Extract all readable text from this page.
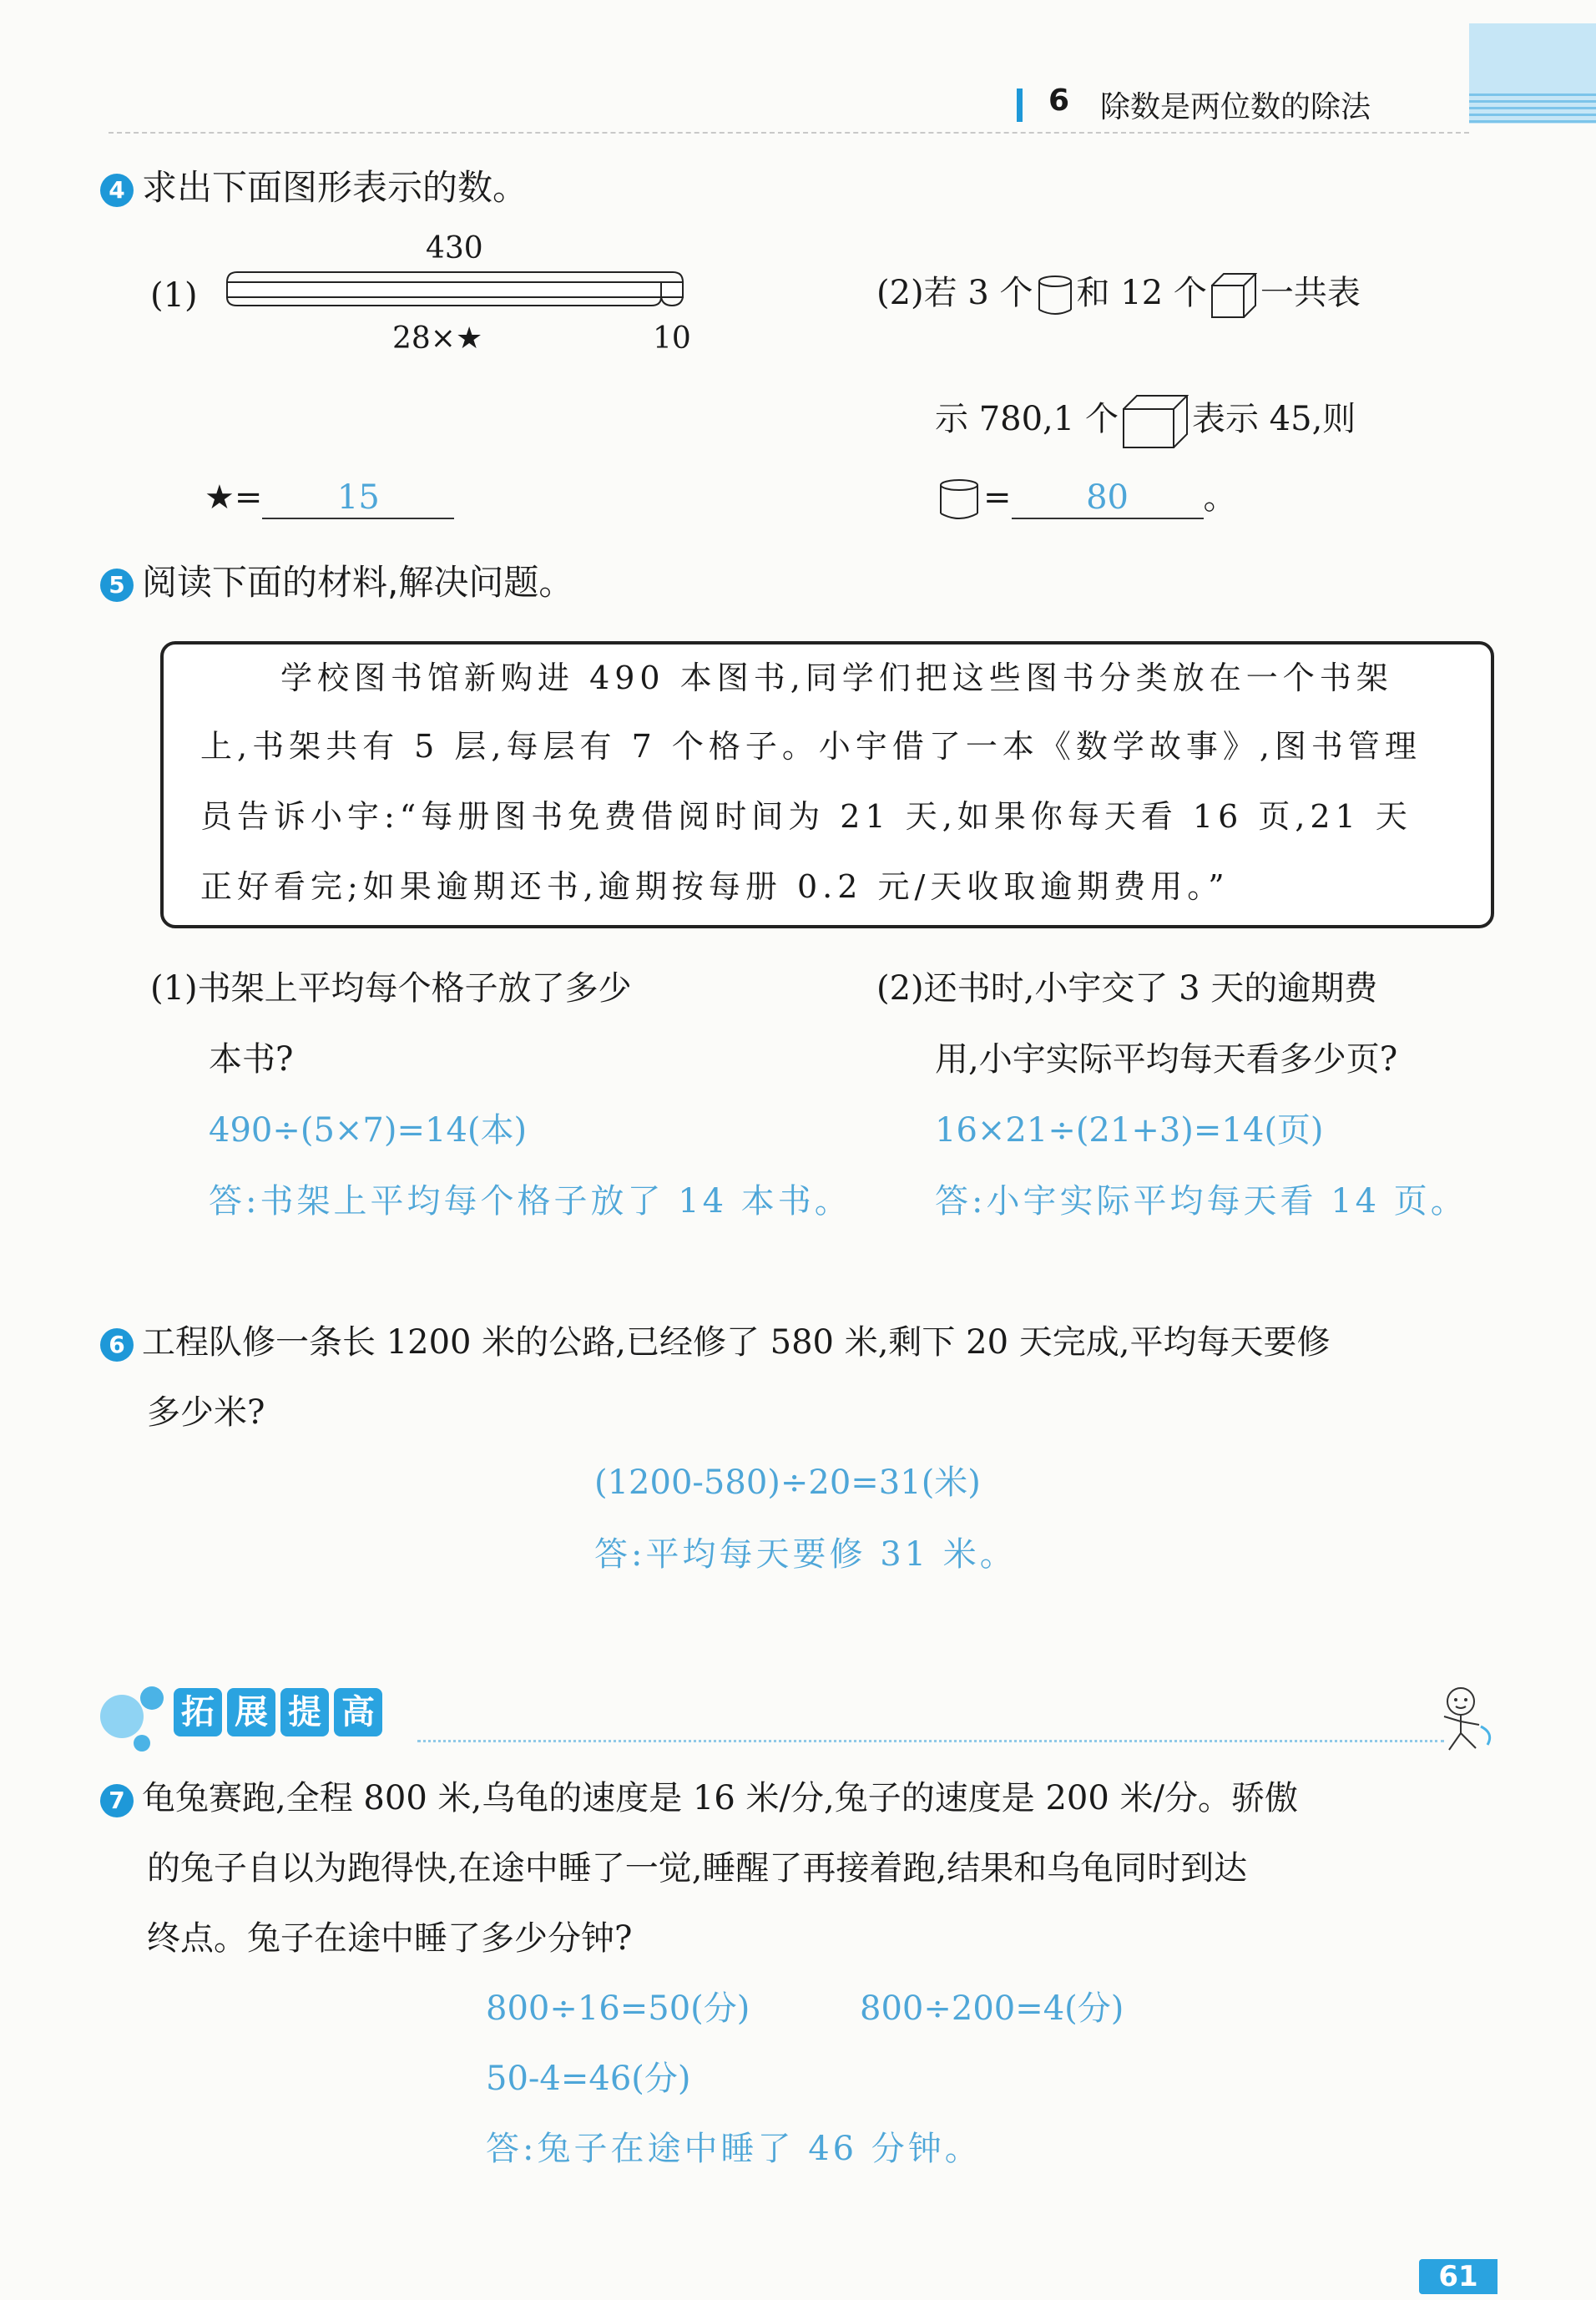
6 除数是两位数的除法
4 求出下面图形表示的数。
(1)
430
28×★	10
★= 15
(2)若 3 个 和 12 个 一共表
示 780,1 个 表示 45,则
= 80 。
5 阅读下面的材料,解决问题。
学校图书馆新购进 490 本图书,同学们把这些图书分类放在一个书架
上,书架共有 5 层,每层有 7 个格子。小宇借了一本《数学故事》,图书管理
员告诉小宇:“每册图书免费借阅时间为 21 天,如果你每天看 16 页,21 天
正好看完;如果逾期还书,逾期按每册 0.2 元/天收取逾期费用。”
(1)书架上平均每个格子放了多少
本书?
490÷(5×7)=14(本)
答:书架上平均每个格子放了 14 本书。
(2)还书时,小宇交了 3 天的逾期费
用,小宇实际平均每天看多少页?
16×21÷(21+3)=14(页)
答:小宇实际平均每天看 14 页。
6 工程队修一条长 1200 米的公路,已经修了 580 米,剩下 20 天完成,平均每天要修
多少米?
(1200-580)÷20=31(米)
答:平均每天要修 31 米。
拓 展 提 高
7 龟兔赛跑,全程 800 米,乌龟的速度是 16 米/分,兔子的速度是 200 米/分。骄傲
的兔子自以为跑得快,在途中睡了一觉,睡醒了再接着跑,结果和乌龟同时到达
终点。兔子在途中睡了多少分钟?
800÷16=50(分)	800÷200=4(分)
50-4=46(分)
答:兔子在途中睡了 46 分钟。
61
